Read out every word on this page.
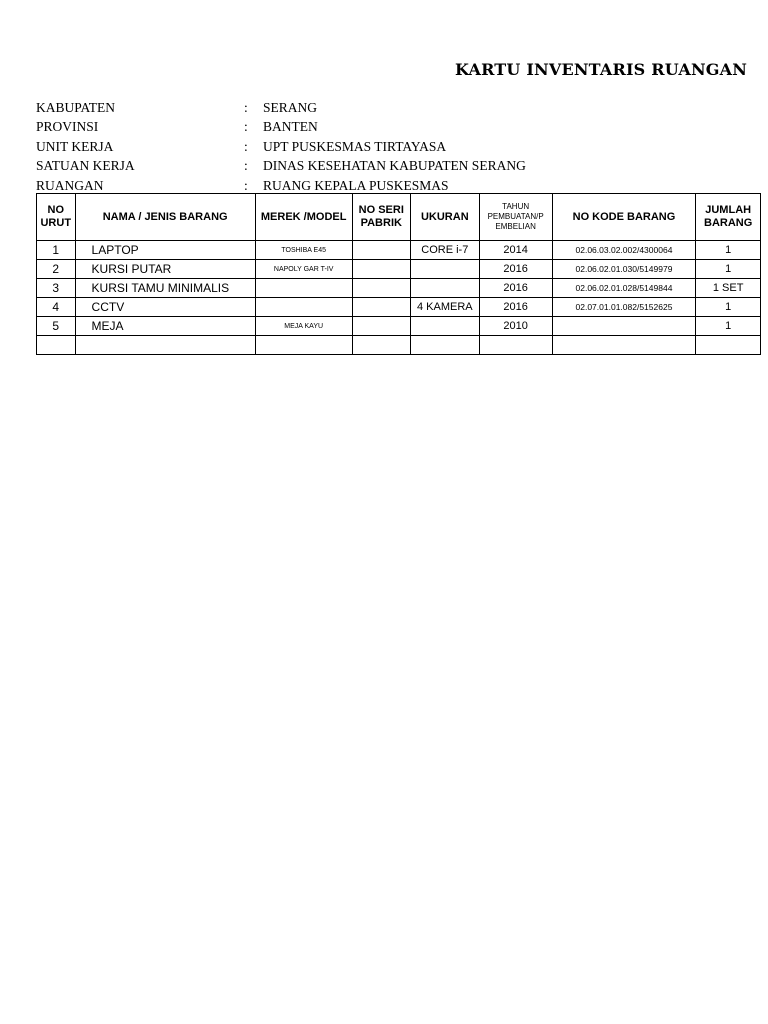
KARTU INVENTARIS RUANGAN
KABUPATEN	: SERANG
PROVINSI	: BANTEN
UNIT KERJA	: UPT PUSKESMAS TIRTAYASA
SATUAN KERJA	: DINAS KESEHATAN KABUPATEN SERANG
RUANGAN	: RUANG KEPALA PUSKESMAS
NO URUT	NAMA / JENIS BARANG	MEREK /MODEL	NO SERI PABRIK	UKURAN	TAHUN PEMBUATAN/P EMBELIAN	NO KODE BARANG	JUMLAH BARANG
1	LAPTOP	TOSHIBA E45		CORE i-7	2014	02.06.03.02.002/4300064	1
2	KURSI PUTAR	NAPOLY GAR T-IV			2016	02.06.02.01.030/5149979	1
3	KURSI TAMU MINIMALIS				2016	02.06.02.01.028/5149844	1 SET
4	CCTV			4 KAMERA	2016	02.07.01.01.082/5152625	1
5	MEJA	MEJA KAYU			2010		1
